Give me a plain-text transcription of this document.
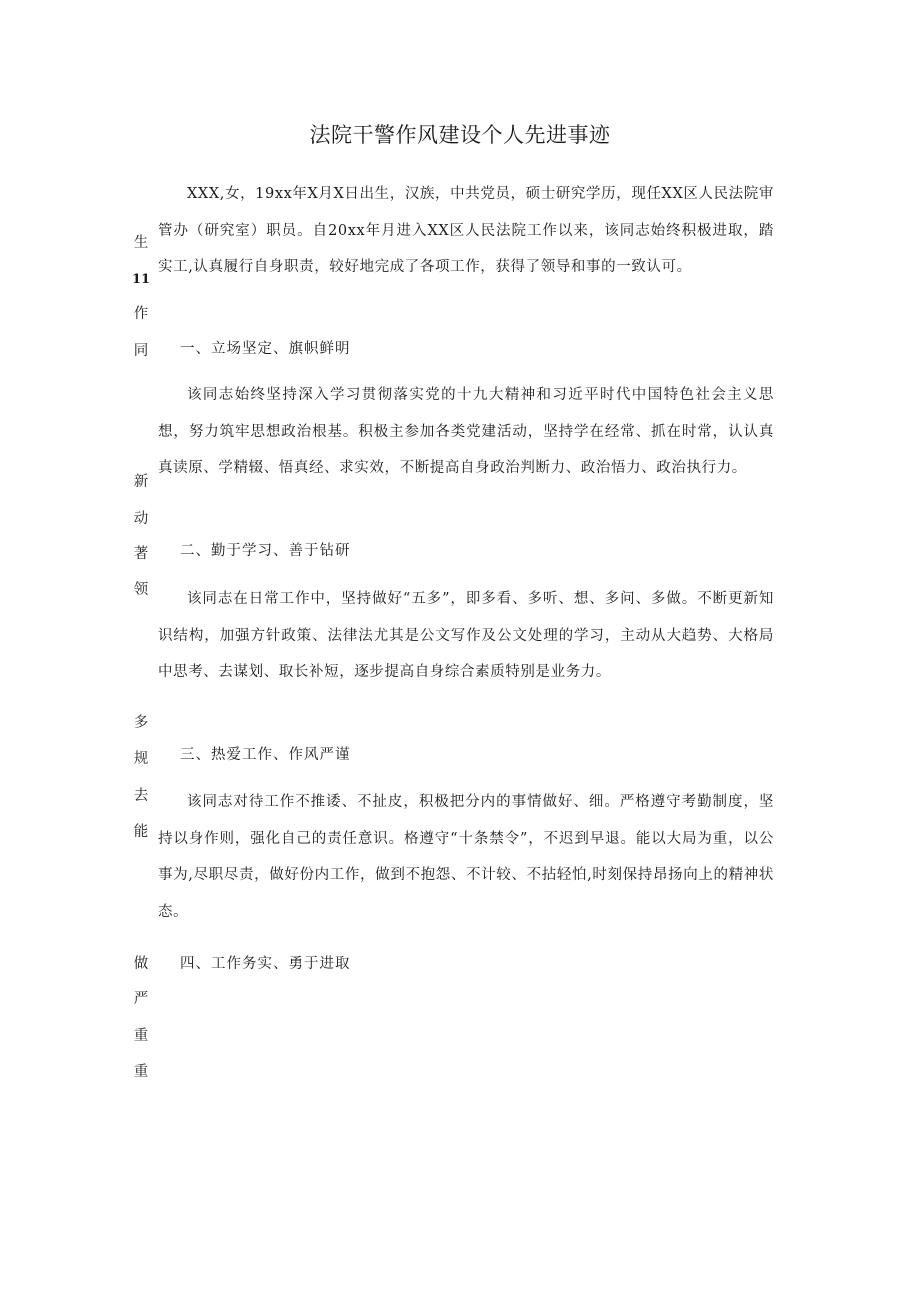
法院干警作风建设个人先进事迹

XXX,女，19xx年X月X日出生，汉族，中共党员，硕士研究学历，现任XX区人民法院审管办（研究室）职员。自20xx年月进入XX区人民法院工作以来，该同志始终积极进取，踏实工,认真履行自身职责，较好地完成了各项工作，获得了领导和事的一致认可。

一、立场坚定、旗帜鲜明

该同志始终坚持深入学习贯彻落实党的十九大精神和习近平时代中国特色社会主义思想，努力筑牢思想政治根基。积极主参加各类党建活动，坚持学在经常、抓在时常，认认真真读原、学精辍、悟真经、求实效，不断提高自身政治判断力、政治悟力、政治执行力。

二、勤于学习、善于钻研

该同志在日常工作中，坚持做好“五多”，即多看、多听、想、多问、多做。不断更新知识结构，加强方针政策、法律法尤其是公文写作及公文处理的学习，主动从大趋势、大格局中思考、去谋划、取长补短，逐步提高自身综合素质特别是业务力。

三、热爱工作、作风严谨

该同志对待工作不推诿、不扯皮，积极把分内的事情做好、细。严格遵守考勤制度，坚持以身作则，强化自己的责任意识。格遵守“十条禁令”，不迟到早退。能以大局为重，以公事为,尽职尽责，做好份内工作，做到不抱怨、不计较、不拈轻怕,时刻保持昂扬向上的精神状态。

四、工作务实、勇于进取

生
11
作
同
新
动
著
领
多
规
去
能
做
严
重
重
